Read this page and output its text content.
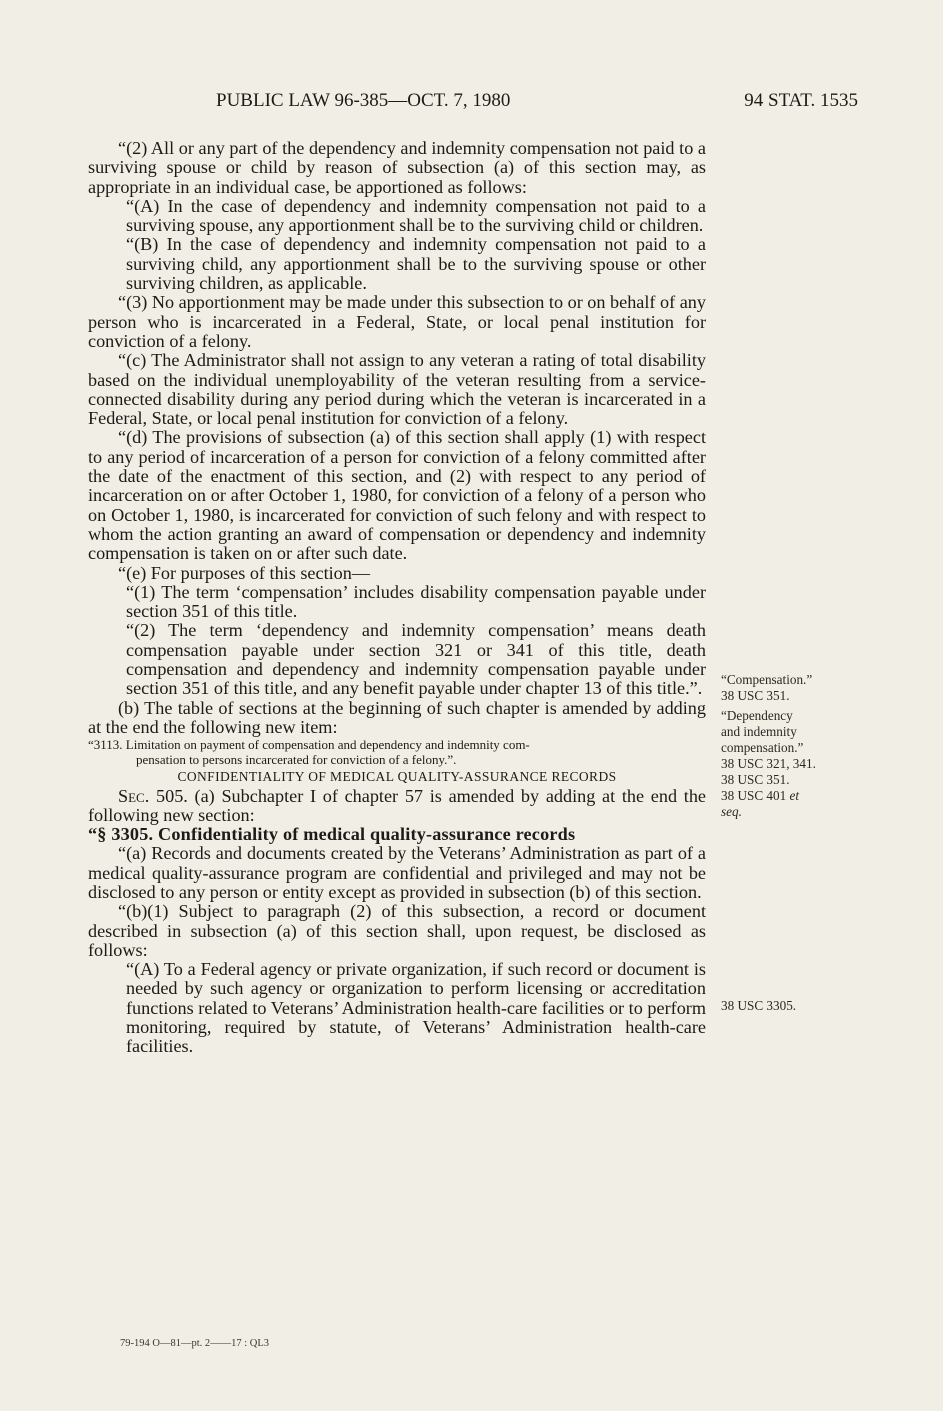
PUBLIC LAW 96-385—OCT. 7, 1980	94 STAT. 1535

“(2) All or any part of the dependency and indemnity compensation not paid to a surviving spouse or child by reason of subsection (a) of this section may, as appropriate in an individual case, be apportioned as follows:

“(A) In the case of dependency and indemnity compensation not paid to a surviving spouse, any apportionment shall be to the surviving child or children.

“(B) In the case of dependency and indemnity compensation not paid to a surviving child, any apportionment shall be to the surviving spouse or other surviving children, as applicable.

“(3) No apportionment may be made under this subsection to or on behalf of any person who is incarcerated in a Federal, State, or local penal institution for conviction of a felony.

“(c) The Administrator shall not assign to any veteran a rating of total disability based on the individual unemployability of the veteran resulting from a service-connected disability during any period during which the veteran is incarcerated in a Federal, State, or local penal institution for conviction of a felony.

“(d) The provisions of subsection (a) of this section shall apply (1) with respect to any period of incarceration of a person for conviction of a felony committed after the date of the enactment of this section, and (2) with respect to any period of incarceration on or after October 1, 1980, for conviction of a felony of a person who on October 1, 1980, is incarcerated for conviction of such felony and with respect to whom the action granting an award of compensation or dependency and indemnity compensation is taken on or after such date.

“(e) For purposes of this section—

“(1) The term ‘compensation’ includes disability compensation payable under section 351 of this title.

“(2) The term ‘dependency and indemnity compensation’ means death compensation payable under section 321 or 341 of this title, death compensation and dependency and indemnity compensation payable under section 351 of this title, and any benefit payable under chapter 13 of this title.”.

(b) The table of sections at the beginning of such chapter is amended by adding at the end the following new item:

“3113. Limitation on payment of compensation and dependency and indemnity com-
pensation to persons incarcerated for conviction of a felony.”.

CONFIDENTIALITY OF MEDICAL QUALITY-ASSURANCE RECORDS

Sec. 505. (a) Subchapter I of chapter 57 is amended by adding at the end the following new section:

“§ 3305. Confidentiality of medical quality-assurance records

“(a) Records and documents created by the Veterans’ Administration as part of a medical quality-assurance program are confidential and privileged and may not be disclosed to any person or entity except as provided in subsection (b) of this section.

“(b)(1) Subject to paragraph (2) of this subsection, a record or document described in subsection (a) of this section shall, upon request, be disclosed as follows:

“(A) To a Federal agency or private organization, if such record or document is needed by such agency or organization to perform licensing or accreditation functions related to Veterans’ Administration health-care facilities or to perform monitoring, required by statute, of Veterans’ Administration health-care facilities.

“Compensation.”

38 USC 351.

“Dependency

and indemnity

compensation.”

38 USC 321, 341.

38 USC 351.

38 USC 401 et

seq.

38 USC 3305.

79-194 O—81—pt. 2——17 : QL3
